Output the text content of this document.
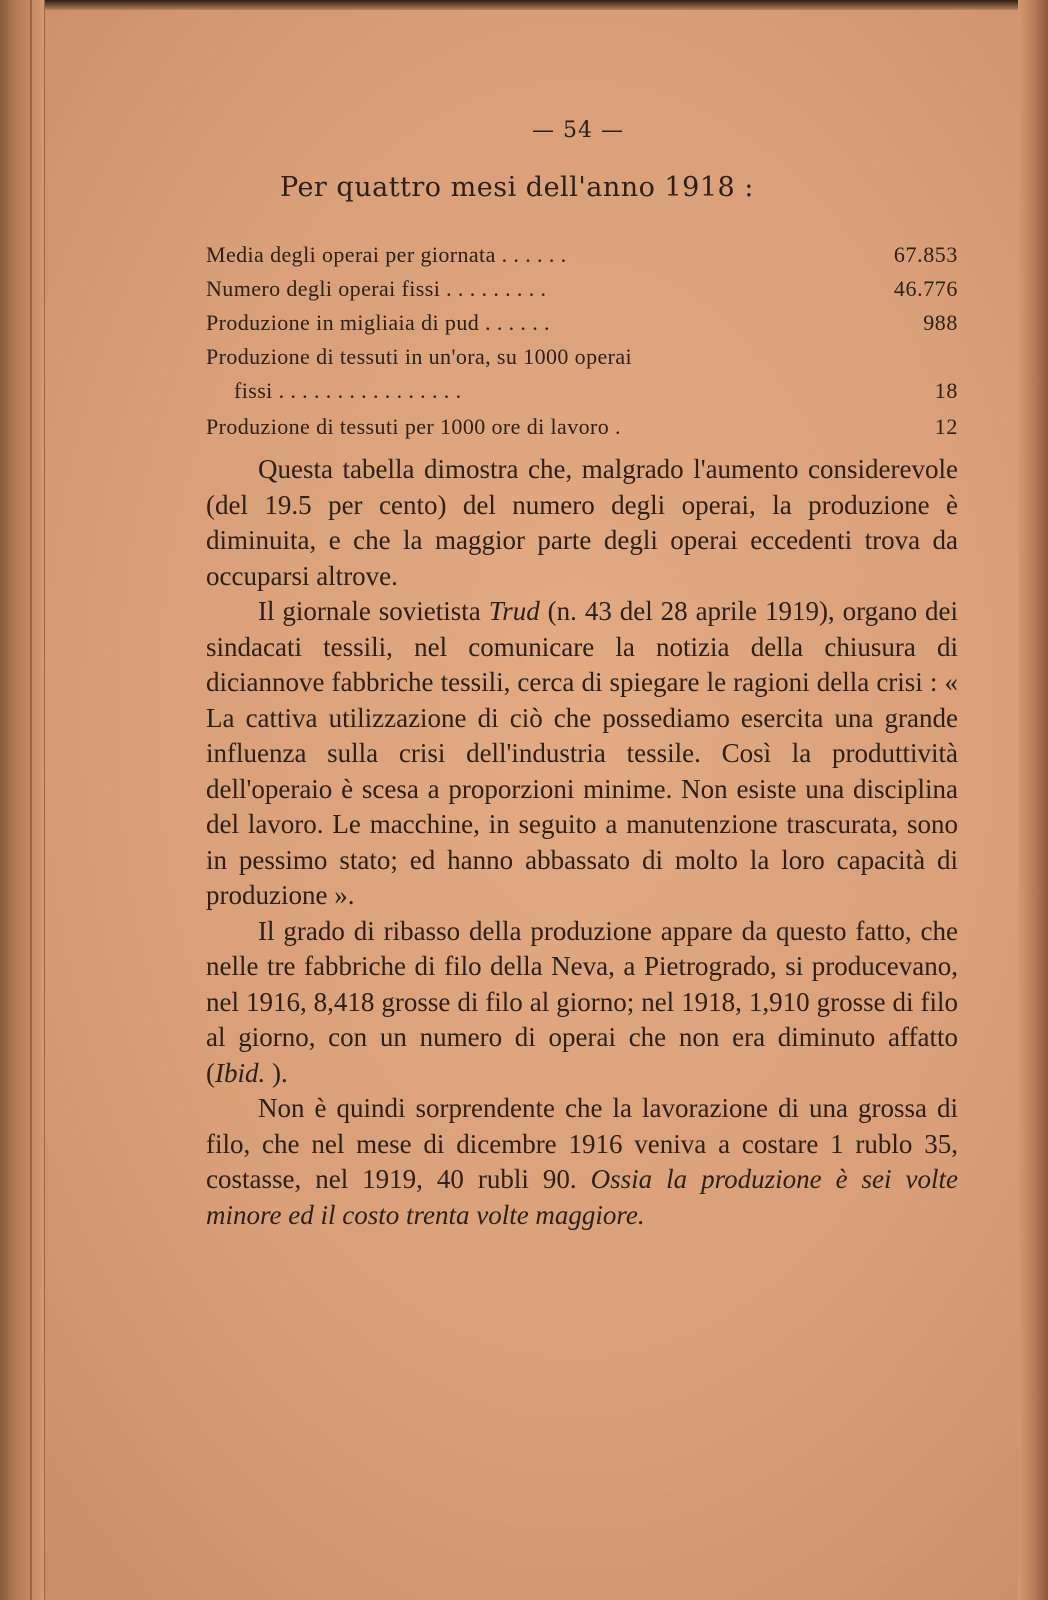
— 54 —
Per quattro mesi dell'anno 1918 :
Media degli operai per giornata . . . . . .	67.853
Numero degli operai fissi . . . . . . . . .	46.776
Produzione in migliaia di pud . . . . . .	988
Produzione di tessuti in un'ora, su 1000 operai
fissi . . . . . . . . . . . . . . . .	18
Produzione di tessuti per 1000 ore di lavoro .	12

Questa tabella dimostra che, malgrado l'aumento considerevole (del 19.5 per cento) del numero degli operai, la produzione è diminuita, e che la maggior parte degli operai eccedenti trova da occuparsi altrove.

Il giornale sovietista Trud (n. 43 del 28 aprile 1919), organo dei sindacati tessili, nel comunicare la notizia della chiusura di diciannove fabbriche tessili, cerca di spiegare le ragioni della crisi : « La cattiva utilizzazione di ciò che possediamo esercita una grande influenza sulla crisi dell'industria tessile. Così la produttività dell'operaio è scesa a proporzioni minime. Non esiste una disciplina del lavoro. Le macchine, in seguito a manutenzione trascurata, sono in pessimo stato; ed hanno abbassato di molto la loro capacità di produzione ».

Il grado di ribasso della produzione appare da questo fatto, che nelle tre fabbriche di filo della Neva, a Pietrogrado, si producevano, nel 1916, 8,418 grosse di filo al giorno; nel 1918, 1,910 grosse di filo al giorno, con un numero di operai che non era diminuto affatto (Ibid. ).

Non è quindi sorprendente che la lavorazione di una grossa di filo, che nel mese di dicembre 1916 veniva a costare 1 rublo 35, costasse, nel 1919, 40 rubli 90. Ossia la produzione è sei volte minore ed il costo trenta volte maggiore.
